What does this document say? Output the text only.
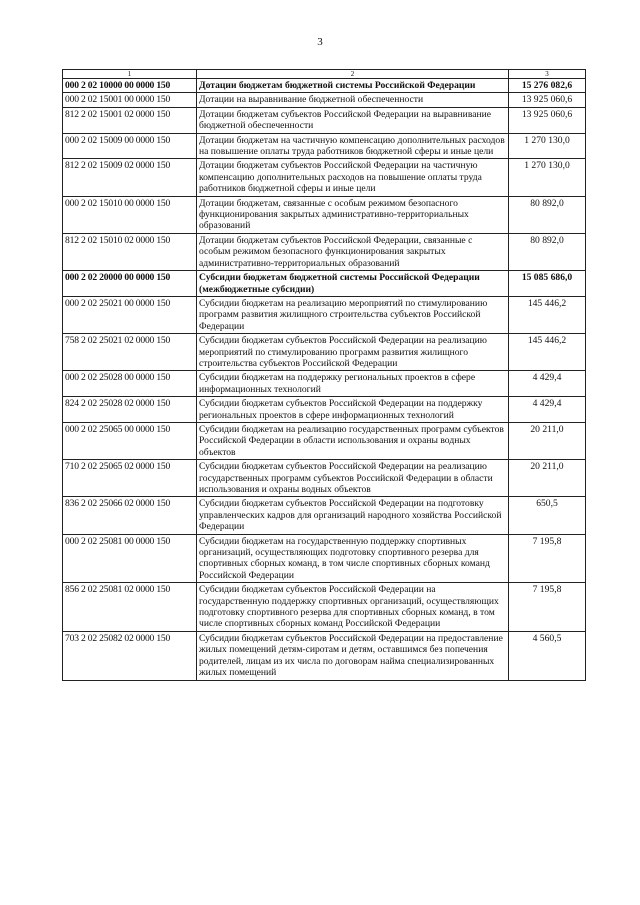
3
1	2	3
000 2 02 10000 00 0000 150	Дотации бюджетам бюджетной системы Российской Федерации	15 276 082,6
000 2 02 15001 00 0000 150	Дотации на выравнивание бюджетной обеспеченности	13 925 060,6
812 2 02 15001 02 0000 150	Дотации бюджетам субъектов Российской Федерации на выравнивание бюджетной обеспеченности	13 925 060,6
000 2 02 15009 00 0000 150	Дотации бюджетам на частичную компенсацию дополнительных расходов на повышение оплаты труда работников бюджетной сферы и иные цели	1 270 130,0
812 2 02 15009 02 0000 150	Дотации бюджетам субъектов Российской Федерации на частичную компенсацию дополнительных расходов на повышение оплаты труда работников бюджетной сферы и иные цели	1 270 130,0
000 2 02 15010 00 0000 150	Дотации бюджетам, связанные с особым режимом безопасного функционирования закрытых административно-территориальных образований	80 892,0
812 2 02 15010 02 0000 150	Дотации бюджетам субъектов Российской Федерации, связанные с особым режимом безопасного функционирования закрытых административно-территориальных образований	80 892,0
000 2 02 20000 00 0000 150	Субсидии бюджетам бюджетной системы Российской Федерации (межбюджетные субсидии)	15 085 686,0
000 2 02 25021 00 0000 150	Субсидии бюджетам на реализацию мероприятий по стимулированию программ развития жилищного строительства субъектов Российской Федерации	145 446,2
758 2 02 25021 02 0000 150	Субсидии бюджетам субъектов Российской Федерации на реализацию мероприятий по стимулированию программ развития жилищного строительства субъектов Российской Федерации	145 446,2
000 2 02 25028 00 0000 150	Субсидии бюджетам на поддержку региональных проектов в сфере информационных технологий	4 429,4
824 2 02 25028 02 0000 150	Субсидии бюджетам субъектов Российской Федерации на поддержку региональных проектов в сфере информационных технологий	4 429,4
000 2 02 25065 00 0000 150	Субсидии бюджетам на реализацию государственных программ субъектов Российской Федерации в области использования и охраны водных объектов	20 211,0
710 2 02 25065 02 0000 150	Субсидии бюджетам субъектов Российской Федерации на реализацию государственных программ субъектов Российской Федерации в области использования и охраны водных объектов	20 211,0
836 2 02 25066 02 0000 150	Субсидии бюджетам субъектов Российской Федерации на подготовку управленческих кадров для организаций народного хозяйства Российской Федерации	650,5
000 2 02 25081 00 0000 150	Субсидии бюджетам на государственную поддержку спортивных организаций, осуществляющих подготовку спортивного резерва для спортивных сборных команд, в том числе спортивных сборных команд Российской Федерации	7 195,8
856 2 02 25081 02 0000 150	Субсидии бюджетам субъектов Российской Федерации на государственную поддержку спортивных организаций, осуществляющих подготовку спортивного резерва для спортивных сборных команд, в том числе спортивных сборных команд Российской Федерации	7 195,8
703 2 02 25082 02 0000 150	Субсидии бюджетам субъектов Российской Федерации на предоставление жилых помещений детям-сиротам и детям, оставшимся без попечения родителей, лицам из их числа по договорам найма специализированных жилых помещений	4 560,5
